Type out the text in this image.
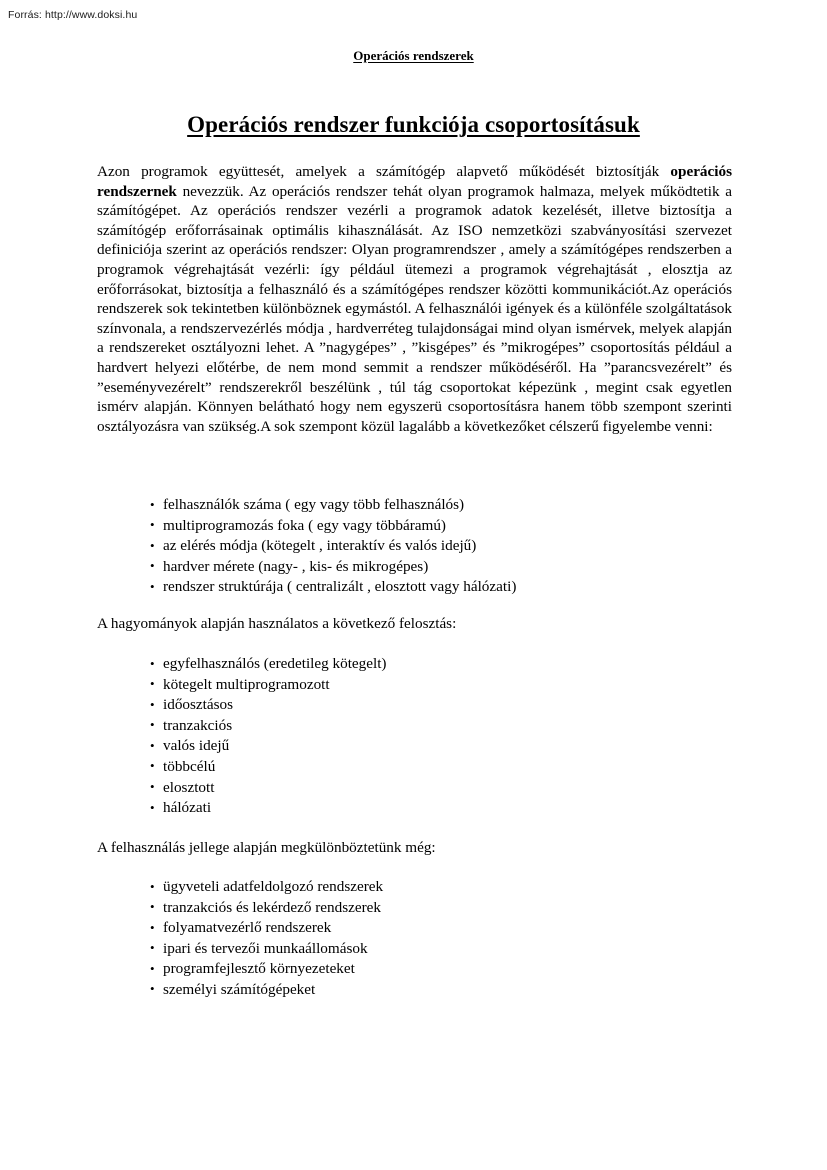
Forrás: http://www.doksi.hu
Operációs rendszerek
Operációs rendszer funkciója csoportosításuk

Azon programok együttesét, amelyek a számítógép alapvető működését biztosítják operációs rendszernek nevezzük. Az operációs rendszer tehát olyan programok halmaza, melyek működtetik a számítógépet. Az operációs rendszer vezérli a programok adatok kezelését, illetve biztosítja a számítógép erőforrásainak optimális kihasználását. Az ISO nemzetközi szabványosítási szervezet definiciója szerint az operációs rendszer: Olyan programrendszer , amely a számítógépes rendszerben a programok végrehajtását vezérli: így például ütemezi a programok végrehajtását , elosztja az erőforrásokat, biztosítja a felhasználó és a számítógépes rendszer közötti kommunikációt.Az operációs rendszerek sok tekintetben különböznek egymástól. A felhasználói igények és a különféle szolgáltatások színvonala, a rendszervezérlés módja , hardverréteg tulajdonságai mind olyan ismérvek, melyek alapján a rendszereket osztályozni lehet. A ”nagygépes” , ”kisgépes” és ”mikrogépes” csoportosítás például a hardvert helyezi előtérbe, de nem mond semmit a rendszer működéséről. Ha ”parancsvezérelt” és ”eseményvezérelt” rendszerekről beszélünk , túl tág csoportokat képezünk , megint csak egyetlen ismérv alapján. Könnyen belátható hogy nem egyszerü csoportosításra hanem több szempont szerinti osztályozásra van szükség.A sok szempont közül lagalább a következőket célszerű figyelembe venni:

• felhasználók száma ( egy vagy több felhasználós)
• multiprogramozás foka ( egy vagy többáramú)
• az elérés módja (kötegelt , interaktív és valós idejű)
• hardver mérete (nagy- , kis- és mikrogépes)
• rendszer struktúrája ( centralizált , elosztott vagy hálózati)

A hagyományok alapján használatos a következő felosztás:

• egyfelhasználós (eredetileg kötegelt)
• kötegelt multiprogramozott
• időosztásos
• tranzakciós
• valós idejű
• többcélú
• elosztott
• hálózati

A felhasználás jellege alapján megkülönböztetünk még:

• ügyveteli adatfeldolgozó rendszerek
• tranzakciós és lekérdező rendszerek
• folyamatvezérlő rendszerek
• ipari és tervezői munkaállomások
• programfejlesztő környezeteket
• személyi számítógépeket
